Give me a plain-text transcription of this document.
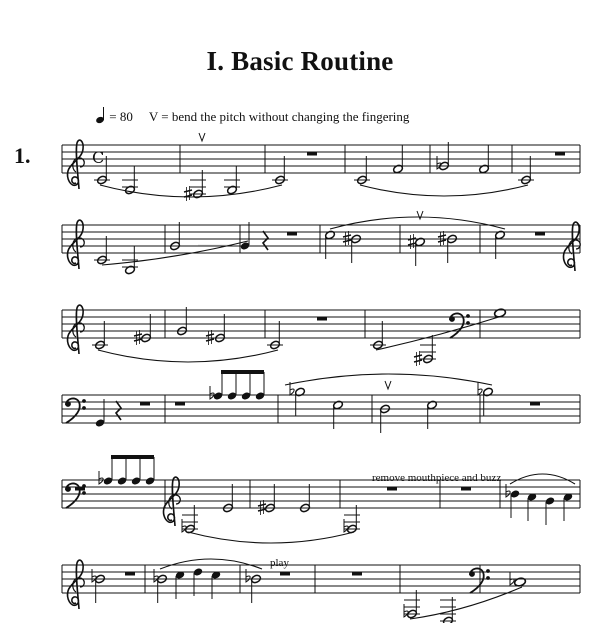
I. Basic Routine
= 80 V = bend the pitch without changing the fingering
1.
remove mouthpiece and buzz
play
C
